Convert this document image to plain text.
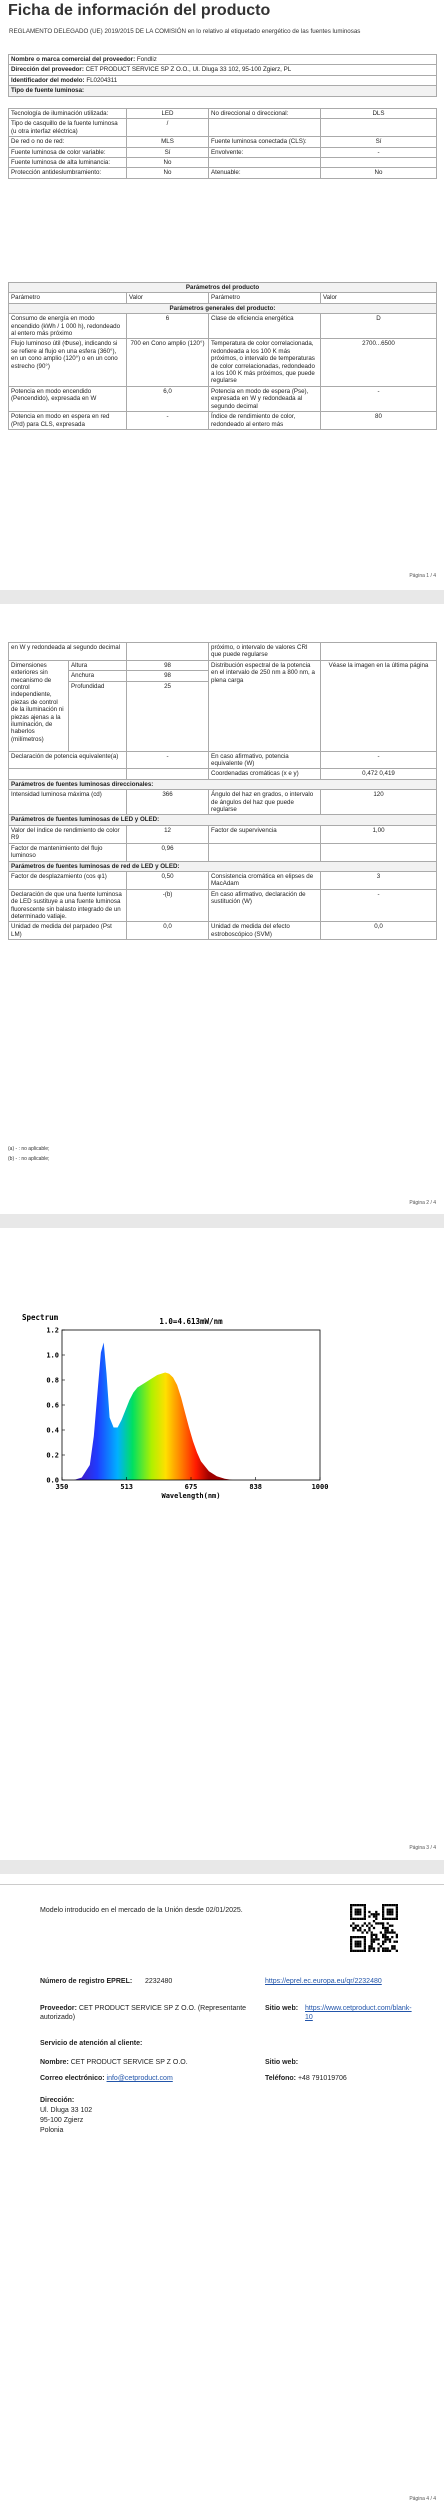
Ficha de información del producto
REGLAMENTO DELEGADO (UE) 2019/2015 DE LA COMISIÓN en lo relativo al etiquetado energético de las fuentes luminosas
Nombre o marca comercial del proveedor: Fondliz
Dirección del proveedor: CET PRODUCT SERVICE SP Z O.O., Ul. Dluga 33 102, 95-100 Zgierz, PL
Identificador del modelo: FL0204311
Tipo de fuente luminosa:
Tecnología de iluminación utilizada:	LED	No direccional o direccional:	DLS
Tipo de casquillo de la fuente luminosa (u otra interfaz eléctrica)	/		
De red o no de red:	MLS	Fuente luminosa conectada (CLS):	Sí
Fuente luminosa de color variable:	Sí	Envolvente:	-
Fuente luminosa de alta luminancia:	No		
Protección antideslumbramiento:	No	Atenuable:	No
Parámetros del producto			
Parámetro	Valor	Parámetro	Valor
Parámetros generales del producto:			
Consumo de energía en modo encendido (kWh / 1 000 h), redondeado al entero más próximo	6	Clase de eficiencia energética	D
Flujo luminoso útil (Φuse), indicando si se refiere al flujo en una esfera (360°), en un cono amplio (120°) o en un cono estrecho (90°)	700 en Cono amplio (120°)	Temperatura de color correlacionada, redondeada a los 100 K más próximos, o intervalo de temperaturas de color correlacionadas, redondeado a los 100 K más próximos, que puede regularse	2700...6500
Potencia en modo encendido (Pencendido), expresada en W	6,0	Potencia en modo de espera (Pse), expresada en W y redondeada al segundo decimal	-
Potencia en modo en espera en red (Prd) para CLS, expresada	-	Índice de rendimiento de color, redondeado al entero más	80
Página 1 / 4
en W y redondeada al segundo decimal			próximo, o intervalo de valores CRI que puede regularse	
Dimensiones exteriores sin mecanismo de control independiente, piezas de control de la iluminación ni piezas ajenas a la iluminación, de haberlos (milímetros)	Altura	98	Distribución espectral de la potencia en el intervalo de 250 nm a 800 nm, a plena carga	Véase la imagen en la última página
	Anchura	98		
	Profundidad	25		
Declaración de potencia equivalente(a)		-	En caso afirmativo, potencia equivalente (W)	-
			Coordenadas cromáticas (x e y)	0,472 0,419
Parámetros de fuentes luminosas direccionales:				
Intensidad luminosa máxima (cd)		366	Ángulo del haz en grados, o intervalo de ángulos del haz que puede regularse	120
Parámetros de fuentes luminosas de LED y OLED:				
Valor del índice de rendimiento de color R9		12	Factor de supervivencia	1,00
Factor de mantenimiento del flujo luminoso		0,96		
Parámetros de fuentes luminosas de red de LED y OLED:				
Factor de desplazamiento (cos φ1)		0,50	Consistencia cromática en elipses de MacAdam	3
Declaración de que una fuente luminosa de LED sustituye a una fuente luminosa fluorescente sin balasto integrado de un determinado vatiaje.		-(b)	En caso afirmativo, declaración de sustitución (W)	-
Unidad de medida del parpadeo (Pst LM)		0,0	Unidad de medida del efecto estroboscópico (SVM)	0,0
(a) - : no aplicable;
(b) - : no aplicable;
Página 2 / 4
Página 3 / 4
1.0=4.613mW/nm
Spectrum
0.0
0.2
0.4
0.6
0.8
1.0
1.2
350	513	675	838	1000
Wavelength(nm)
Modelo introducido en el mercado de la Unión desde 02/01/2025.
Número de registro EPREL: 2232480	https://eprel.ec.europa.eu/qr/2232480
Proveedor: CET PRODUCT SERVICE SP Z O.O. (Representante autorizado)
Sitio web: https://www.cetproduct.com/blank-10
Servicio de atención al cliente:
Nombre: CET PRODUCT SERVICE SP Z O.O.	Sitio web:
Correo electrónico: info@cetproduct.com	Teléfono: +48 791019706
Dirección:
Ul. Dluga 33 102
95-100 Zgierz
Polonia
Página 4 / 4
